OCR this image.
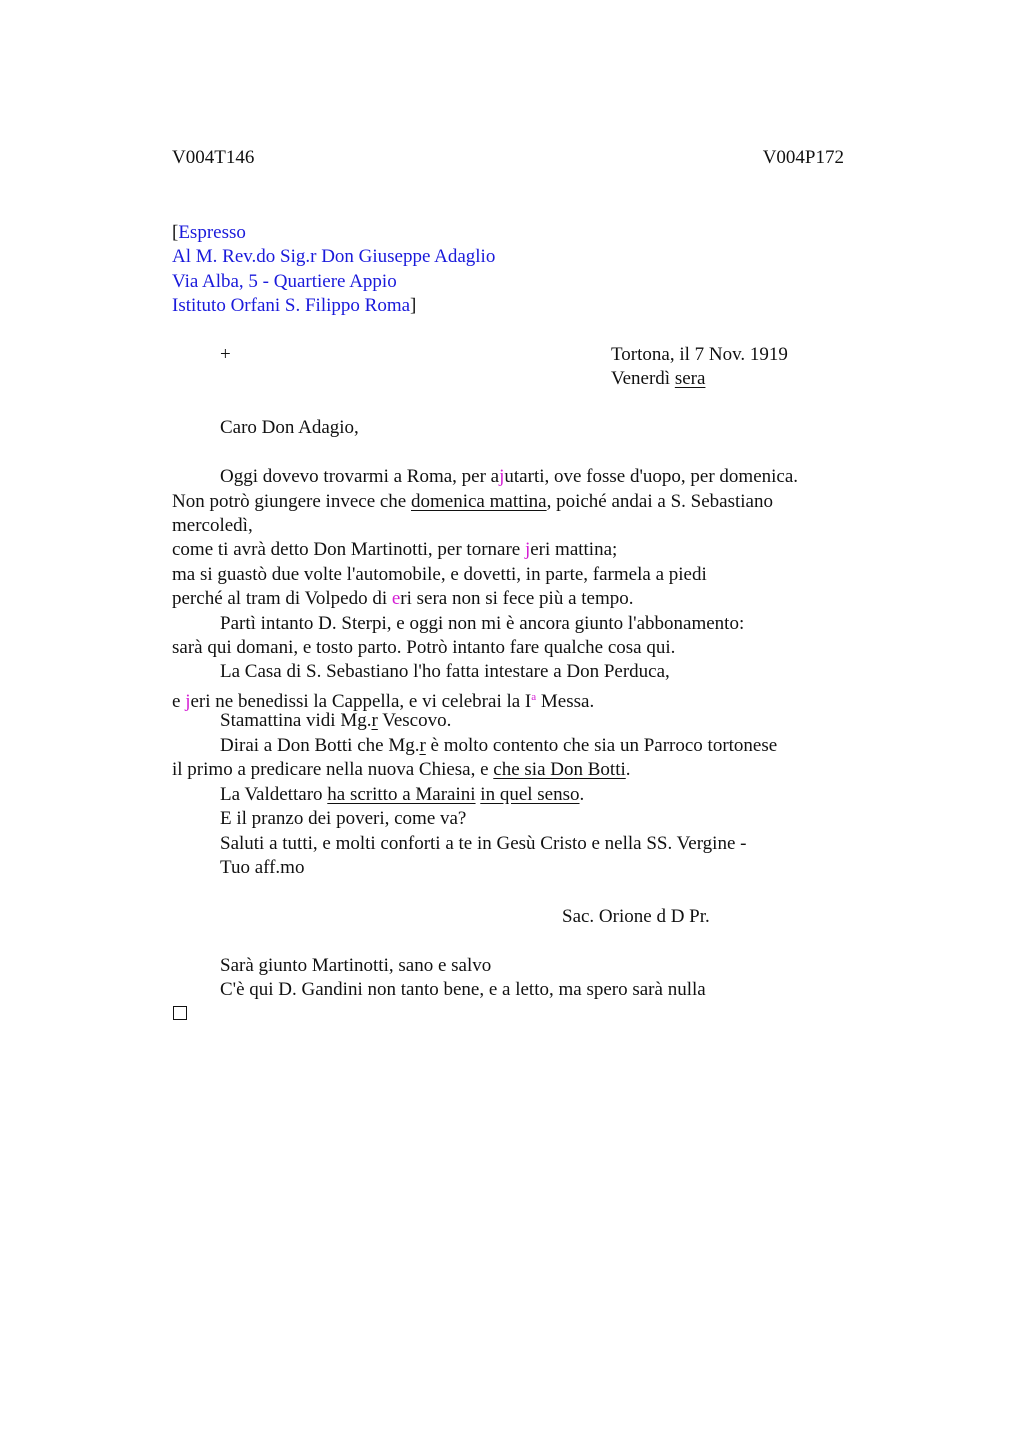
V004T146	V004P172
[Espresso
Al M. Rev.do Sig.r Don Giuseppe Adaglio
Via Alba, 5 - Quartiere Appio
Istituto Orfani S. Filippo Roma]
+	Tortona, il 7 Nov. 1919
Venerdì sera
Caro Don Adagio,
Oggi dovevo trovarmi a Roma, per ajutarti, ove fosse d'uopo, per domenica.
Non potrò giungere invece che domenica mattina, poiché andai a S. Sebastiano
mercoledì,
come ti avrà detto Don Martinotti, per tornare jeri mattina;
ma si guastò due volte l'automobile, e dovetti, in parte, farmela a piedi
perché al tram di Volpedo di eri sera non si fece più a tempo.
Partì intanto D. Sterpi, e oggi non mi è ancora giunto l'abbonamento:
sarà qui domani, e tosto parto. Potrò intanto fare qualche cosa qui.
La Casa di S. Sebastiano l'ho fatta intestare a Don Perduca,
e jeri ne benedissi la Cappella, e vi celebrai la $I^a$ Messa.
Stamattina vidi Mg.r Vescovo.
Dirai a Don Botti che Mg.r è molto contento che sia un Parroco tortonese
il primo a predicare nella nuova Chiesa, e che sia Don Botti.
La Valdettaro ha scritto a Maraini in quel senso.
E il pranzo dei poveri, come va?
Saluti a tutti, e molti conforti a te in Gesù Cristo e nella SS. Vergine -
Tuo aff.mo
Sac. Orione d D Pr.
Sarà giunto Martinotti, sano e salvo
C'è qui D. Gandini non tanto bene, e a letto, ma spero sarà nulla
